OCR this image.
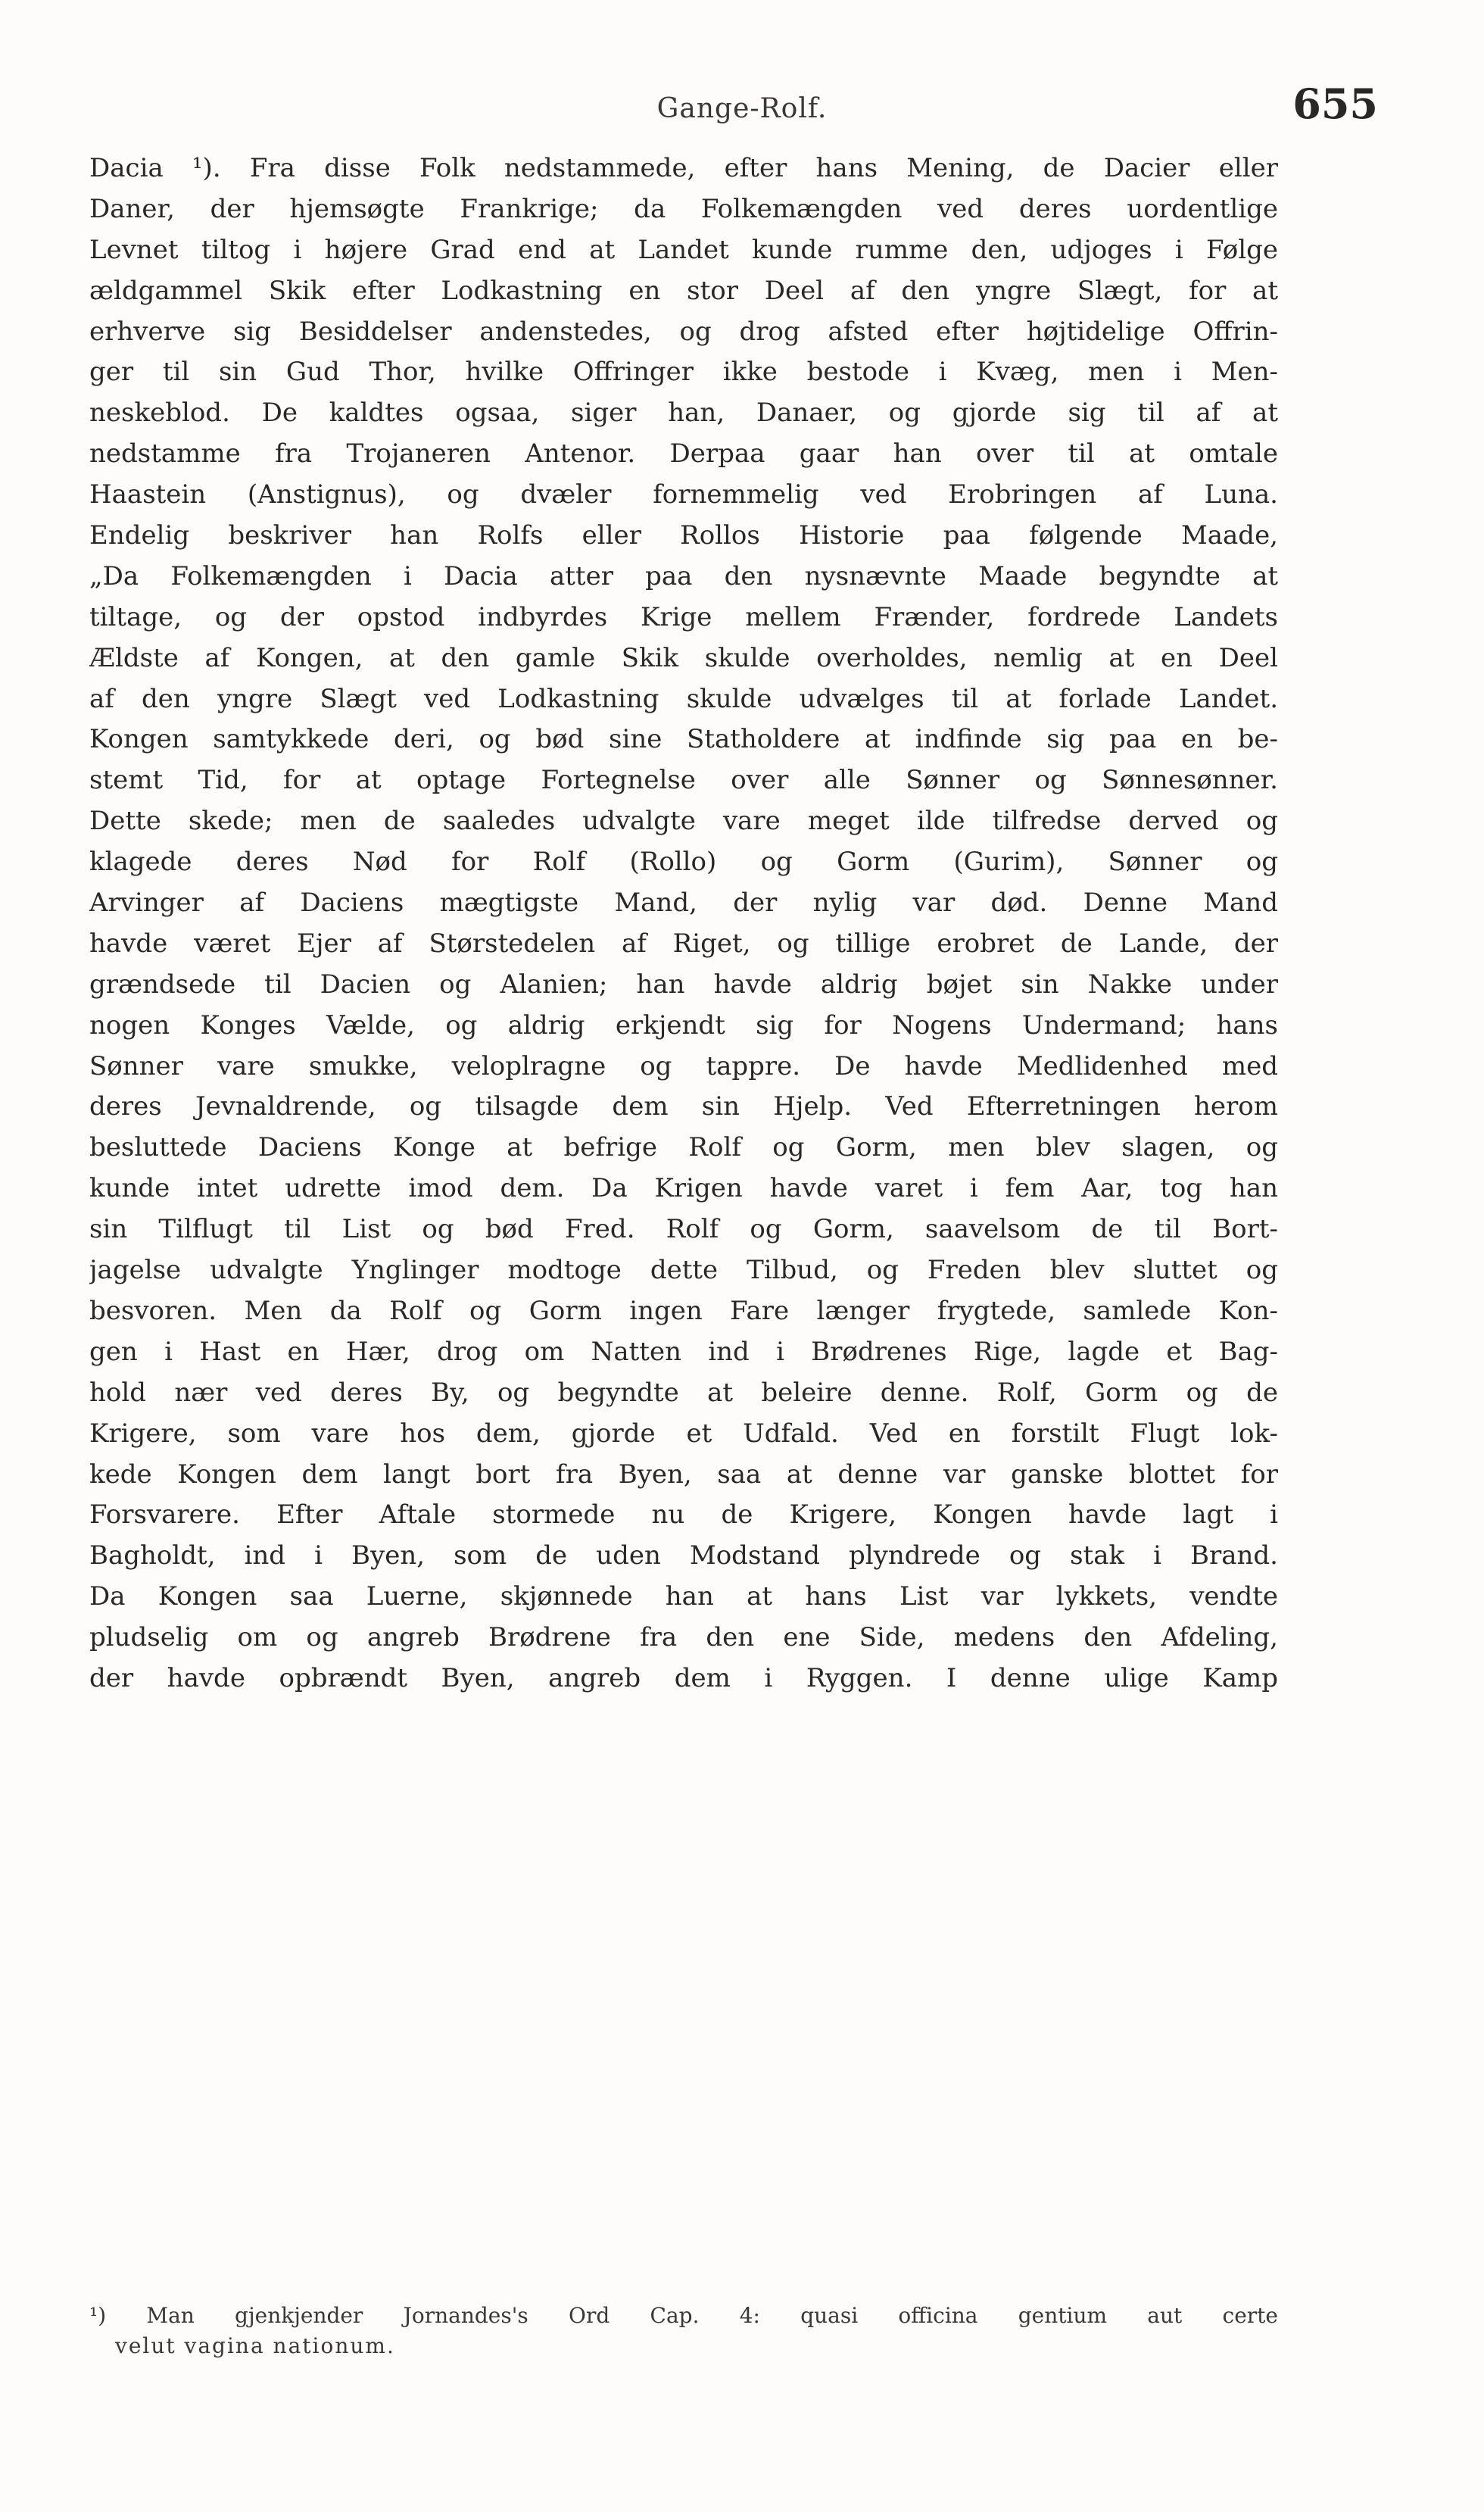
Gange-Rolf.	655
Dacia ¹). Fra disse Folk nedstammede, efter hans Mening, de Dacier eller
Daner, der hjemsøgte Frankrige; da Folkemængden ved deres uordentlige
Levnet tiltog i højere Grad end at Landet kunde rumme den, udjoges i Følge
ældgammel Skik efter Lodkastning en stor Deel af den yngre Slægt, for at
erhverve sig Besiddelser andenstedes, og drog afsted efter højtidelige Offrin-
ger til sin Gud Thor, hvilke Offringer ikke bestode i Kvæg, men i Men-
neskeblod. De kaldtes ogsaa, siger han, Danaer, og gjorde sig til af at
nedstamme fra Trojaneren Antenor. Derpaa gaar han over til at omtale
Haastein (Anstignus), og dvæler fornemmelig ved Erobringen af Luna.
Endelig beskriver han Rolfs eller Rollos Historie paa følgende Maade,
„Da Folkemængden i Dacia atter paa den nysnævnte Maade begyndte at
tiltage, og der opstod indbyrdes Krige mellem Frænder, fordrede Landets
Ældste af Kongen, at den gamle Skik skulde overholdes, nemlig at en Deel
af den yngre Slægt ved Lodkastning skulde udvælges til at forlade Landet.
Kongen samtykkede deri, og bød sine Statholdere at indfinde sig paa en be-
stemt Tid, for at optage Fortegnelse over alle Sønner og Sønnesønner.
Dette skede; men de saaledes udvalgte vare meget ilde tilfredse derved og
klagede deres Nød for Rolf (Rollo) og Gorm (Gurim), Sønner og
Arvinger af Daciens mægtigste Mand, der nylig var død. Denne Mand
havde været Ejer af Størstedelen af Riget, og tillige erobret de Lande, der
grændsede til Dacien og Alanien; han havde aldrig bøjet sin Nakke under
nogen Konges Vælde, og aldrig erkjendt sig for Nogens Undermand; hans
Sønner vare smukke, veloplragne og tappre. De havde Medlidenhed med
deres Jevnaldrende, og tilsagde dem sin Hjelp. Ved Efterretningen herom
besluttede Daciens Konge at befrige Rolf og Gorm, men blev slagen, og
kunde intet udrette imod dem. Da Krigen havde varet i fem Aar, tog han
sin Tilflugt til List og bød Fred. Rolf og Gorm, saavelsom de til Bort-
jagelse udvalgte Ynglinger modtoge dette Tilbud, og Freden blev sluttet og
besvoren. Men da Rolf og Gorm ingen Fare længer frygtede, samlede Kon-
gen i Hast en Hær, drog om Natten ind i Brødrenes Rige, lagde et Bag-
hold nær ved deres By, og begyndte at beleire denne. Rolf, Gorm og de
Krigere, som vare hos dem, gjorde et Udfald. Ved en forstilt Flugt lok-
kede Kongen dem langt bort fra Byen, saa at denne var ganske blottet for
Forsvarere. Efter Aftale stormede nu de Krigere, Kongen havde lagt i
Bagholdt, ind i Byen, som de uden Modstand plyndrede og stak i Brand.
Da Kongen saa Luerne, skjønnede han at hans List var lykkets, vendte
pludselig om og angreb Brødrene fra den ene Side, medens den Afdeling,
der havde opbrændt Byen, angreb dem i Ryggen. I denne ulige Kamp
¹) Man gjenkjender Jornandes's Ord Cap. 4: quasi officina gentium aut certe
velut vagina nationum.
